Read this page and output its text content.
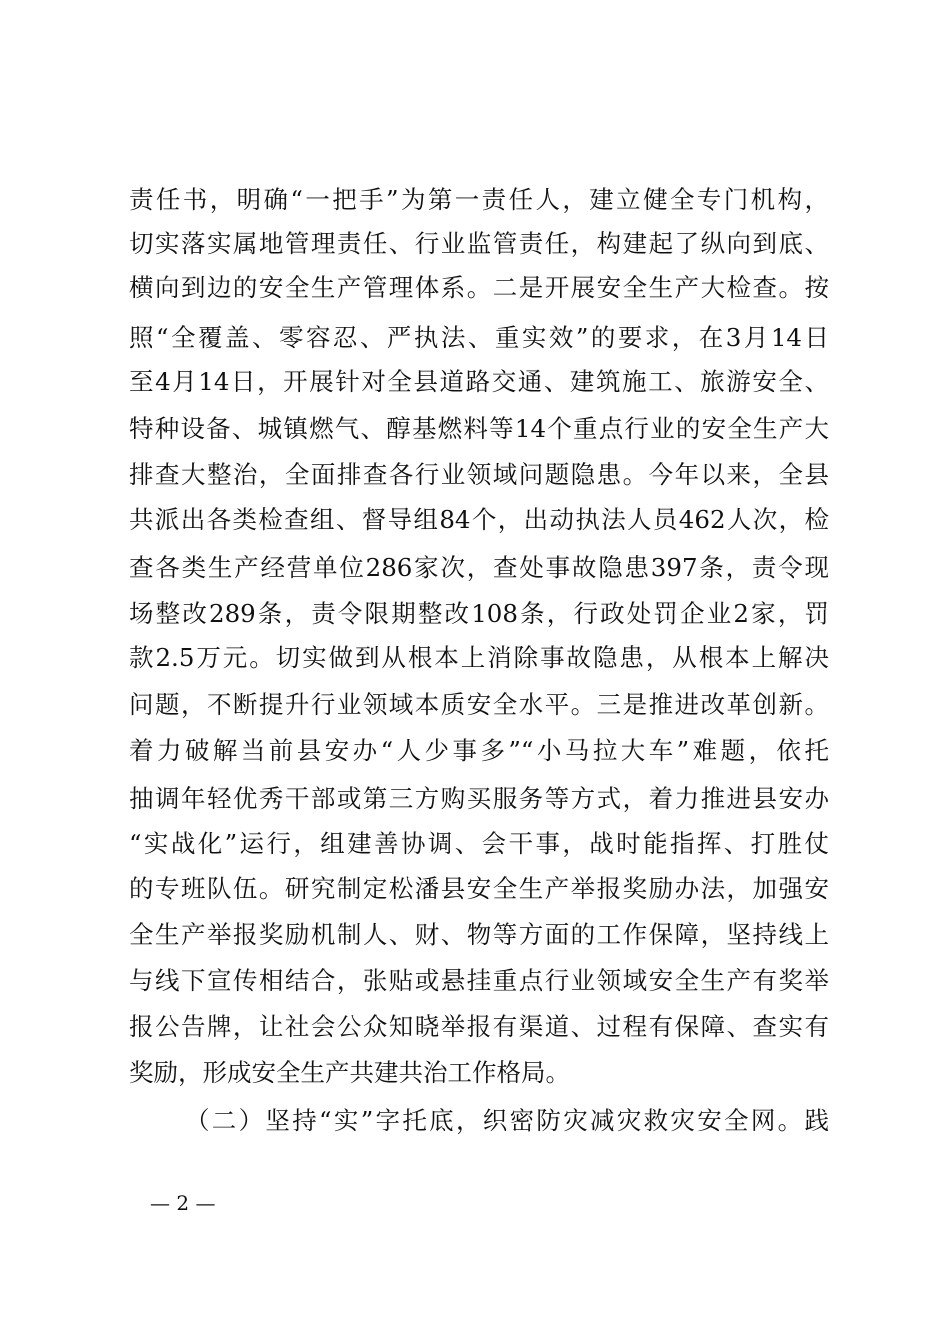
责任书，明确“一把手”为第一责任人，建立健全专门机构，
切实落实属地管理责任、行业监管责任，构建起了纵向到底、
横向到边的安全生产管理体系。二是开展安全生产大检查。按
照“全覆盖、零容忍、严执法、重实效”的要求，在3月14日
至4月14日，开展针对全县道路交通、建筑施工、旅游安全、
特种设备、城镇燃气、醇基燃料等14个重点行业的安全生产大
排查大整治，全面排查各行业领域问题隐患。今年以来，全县
共派出各类检查组、督导组84个，出动执法人员462人次，检
查各类生产经营单位286家次，查处事故隐患397条，责令现
场整改289条，责令限期整改108条，行政处罚企业2家，罚
款2.5万元。切实做到从根本上消除事故隐患，从根本上解决
问题，不断提升行业领域本质安全水平。三是推进改革创新。
着力破解当前县安办“人少事多”“小马拉大车”难题，依托
抽调年轻优秀干部或第三方购买服务等方式，着力推进县安办
“实战化”运行，组建善协调、会干事，战时能指挥、打胜仗
的专班队伍。研究制定松潘县安全生产举报奖励办法，加强安
全生产举报奖励机制人、财、物等方面的工作保障，坚持线上
与线下宣传相结合，张贴或悬挂重点行业领域安全生产有奖举
报公告牌，让社会公众知晓举报有渠道、过程有保障、查实有
奖励，形成安全生产共建共治工作格局。
（二）坚持“实”字托底，织密防灾减灾救灾安全网。践
— 2 —
